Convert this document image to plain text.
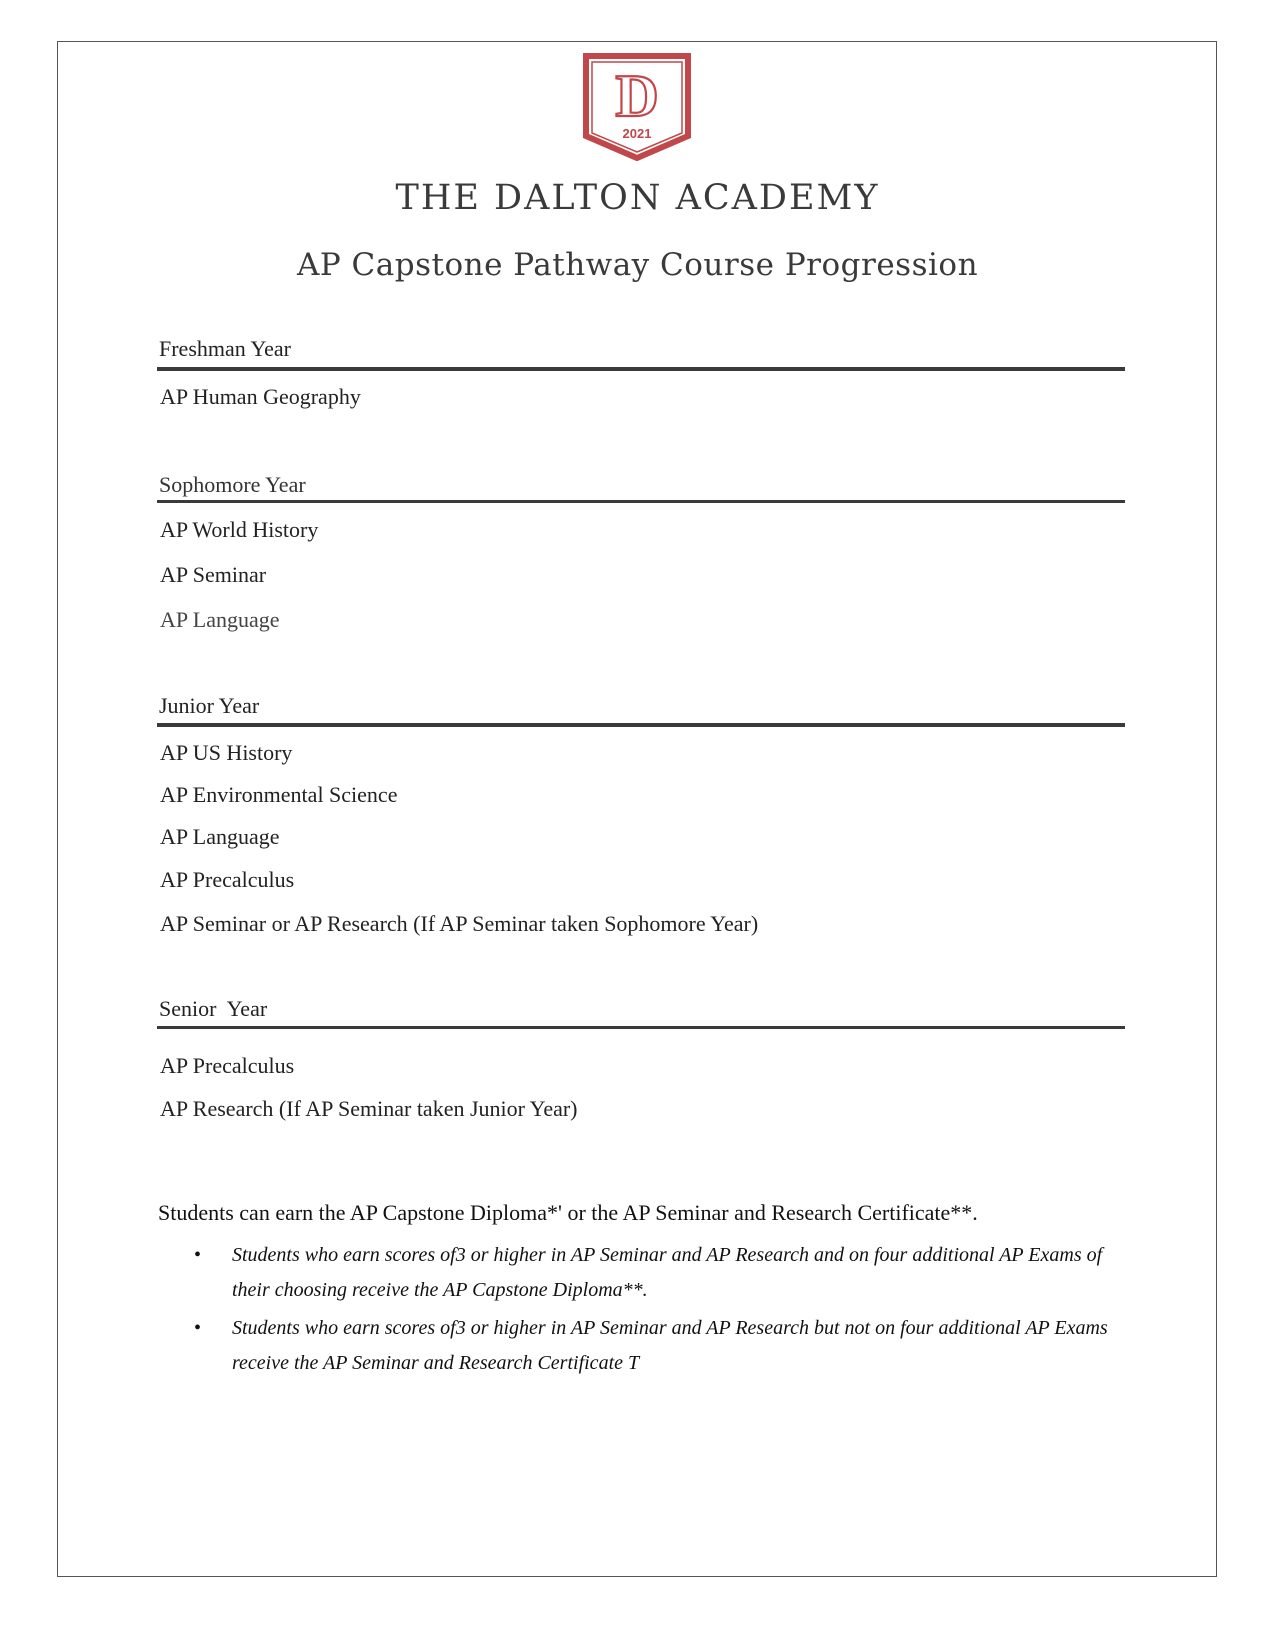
D
2021
THE DALTON ACADEMY
AP Capstone Pathway Course Progression
Freshman Year
AP Human Geography
Sophomore Year
AP World History
AP Seminar
AP Language
Junior Year
AP US History
AP Environmental Science
AP Language
AP Precalculus
AP Seminar or AP Research (If AP Seminar taken Sophomore Year)
Senior  Year
AP Precalculus
AP Research (If AP Seminar taken Junior Year)
Students can earn the AP Capstone Diploma*' or the AP Seminar and Research Certificate**.
• Students who earn scores of3 or higher in AP Seminar and AP Research and on four additional AP Exams of their choosing receive the AP Capstone Diploma**.
• Students who earn scores of3 or higher in AP Seminar and AP Research but not on four additional AP Exams receive the AP Seminar and Research Certificate T
